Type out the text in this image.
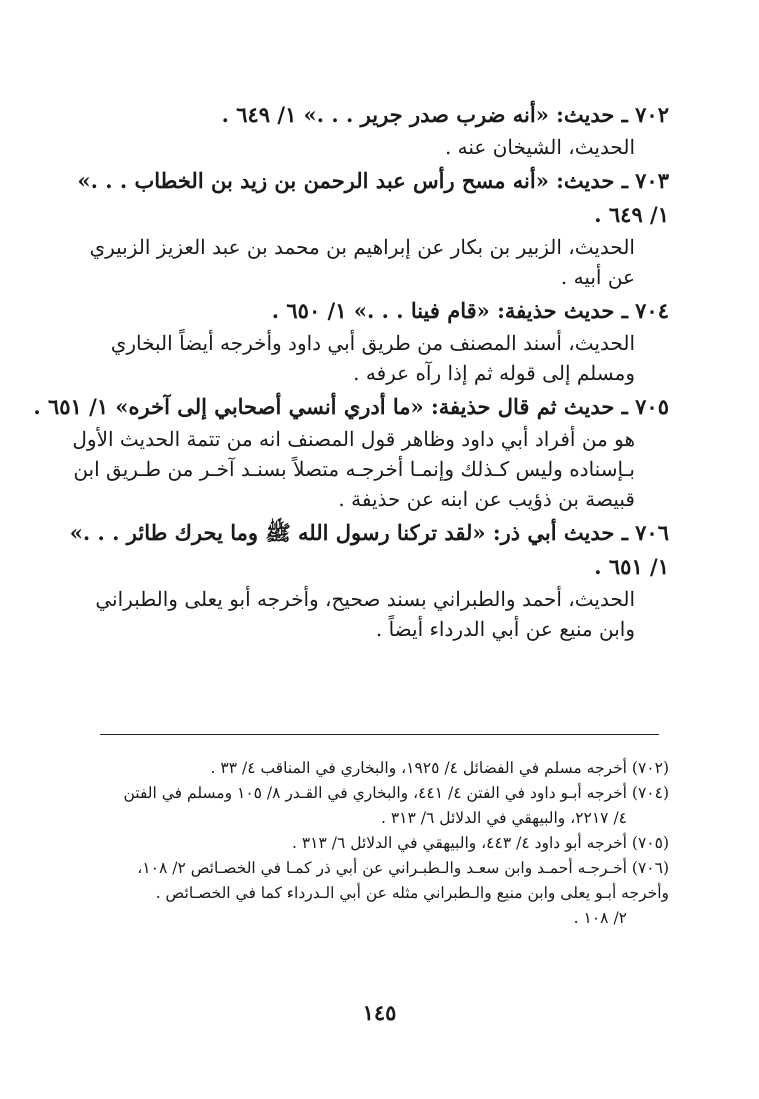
٧٠٢ ـ حديث: «أنه ضرب صدر جرير . . .» ١/ ٦٤٩ .
الحديث، الشيخان عنه .
٧٠٣ ـ حديث: «أنه مسح رأس عبد الرحمن بن زيد بن الخطاب . . .»
١/ ٦٤٩ .
الحديث، الزبير بن بكار عن إبراهيم بن محمد بن عبد العزيز الزبيري
عن أبيه .
٧٠٤ ـ حديث حذيفة: «قام فينا . . .» ١/ ٦٥٠ .
الحديث، أسند المصنف من طريق أبي داود وأخرجه أيضاً البخاري
ومسلم إلى قوله ثم إذا رآه عرفه .
٧٠٥ ـ حديث ثم قال حذيفة: «ما أدري أنسي أصحابي إلى آخره» ١/ ٦٥١ .
هو من أفراد أبي داود وظاهر قول المصنف انه من تتمة الحديث الأول
بـإسناده وليس كـذلك وإنمـا أخرجـه متصلاً بسنـد آخـر من طـريق ابن
قبيصة بن ذؤيب عن ابنه عن حذيفة .
٧٠٦ ـ حديث أبي ذر: «لقد تركنا رسول الله ﷺ وما يحرك طائر . . .»
١/ ٦٥١ .
الحديث، أحمد والطبراني بسند صحيح، وأخرجه أبو يعلى والطبراني
وابن منيع عن أبي الدرداء أيضاً .
(٧٠٢) أخرجه مسلم في الفضائل ٤/ ١٩٢٥، والبخاري في المناقب ٤/ ٣٣ .
(٧٠٤) أخرجه أبـو داود في الفتن ٤/ ٤٤١، والبخاري في القـدر ٨/ ١٠٥ ومسلم في الفتن
٤/ ٢٢١٧، والبيهقي في الدلائل ٦/ ٣١٣ .
(٧٠٥) أخرجه أبو داود ٤/ ٤٤٣، والبيهقي في الدلائل ٦/ ٣١٣ .
(٧٠٦) أخـرجـه أحمـد وابن سعـد والـطبـراني عن أبي ذر كمـا في الخصـائص ٢/ ١٠٨،
وأخرجه أبـو يعلى وابن منيع والـطبراني مثله عن أبي الـدرداء كما في الخصـائص .
٢/ ١٠٨ .
١٤٥
